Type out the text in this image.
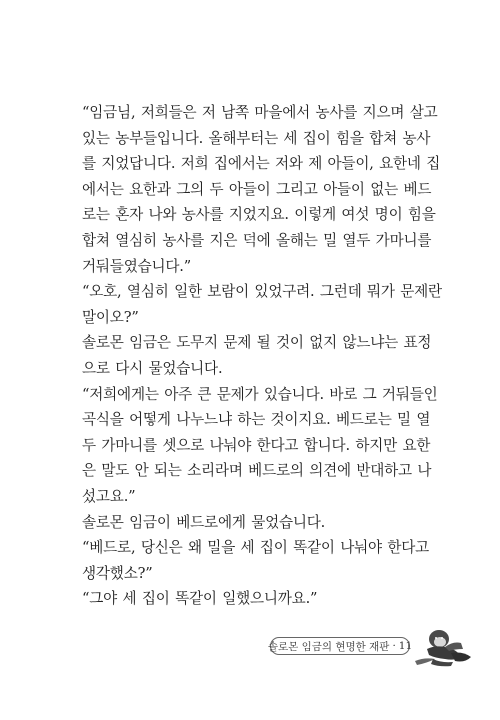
“임금님, 저희들은 저 남쪽 마을에서 농사를 지으며 살고
있는 농부들입니다. 올해부터는 세 집이 힘을 합쳐 농사
를 지었답니다. 저희 집에서는 저와 제 아들이, 요한네 집
에서는 요한과 그의 두 아들이 그리고 아들이 없는 베드
로는 혼자 나와 농사를 지었지요. 이렇게 여섯 명이 힘을
합쳐 열심히 농사를 지은 덕에 올해는 밀 열두 가마니를
거둬들였습니다.”
“오호, 열심히 일한 보람이 있었구려. 그런데 뭐가 문제란
말이오?”
솔로몬 임금은 도무지 문제 될 것이 없지 않느냐는 표정
으로 다시 물었습니다.
“저희에게는 아주 큰 문제가 있습니다. 바로 그 거둬들인
곡식을 어떻게 나누느냐 하는 것이지요. 베드로는 밀 열
두 가마니를 셋으로 나눠야 한다고 합니다. 하지만 요한
은 말도 안 되는 소리라며 베드로의 의견에 반대하고 나
섰고요.”
솔로몬 임금이 베드로에게 물었습니다.
“베드로, 당신은 왜 밀을 세 집이 똑같이 나눠야 한다고
생각했소?”
“그야 세 집이 똑같이 일했으니까요.”
솔로몬 임금의 현명한 재판 · 11
